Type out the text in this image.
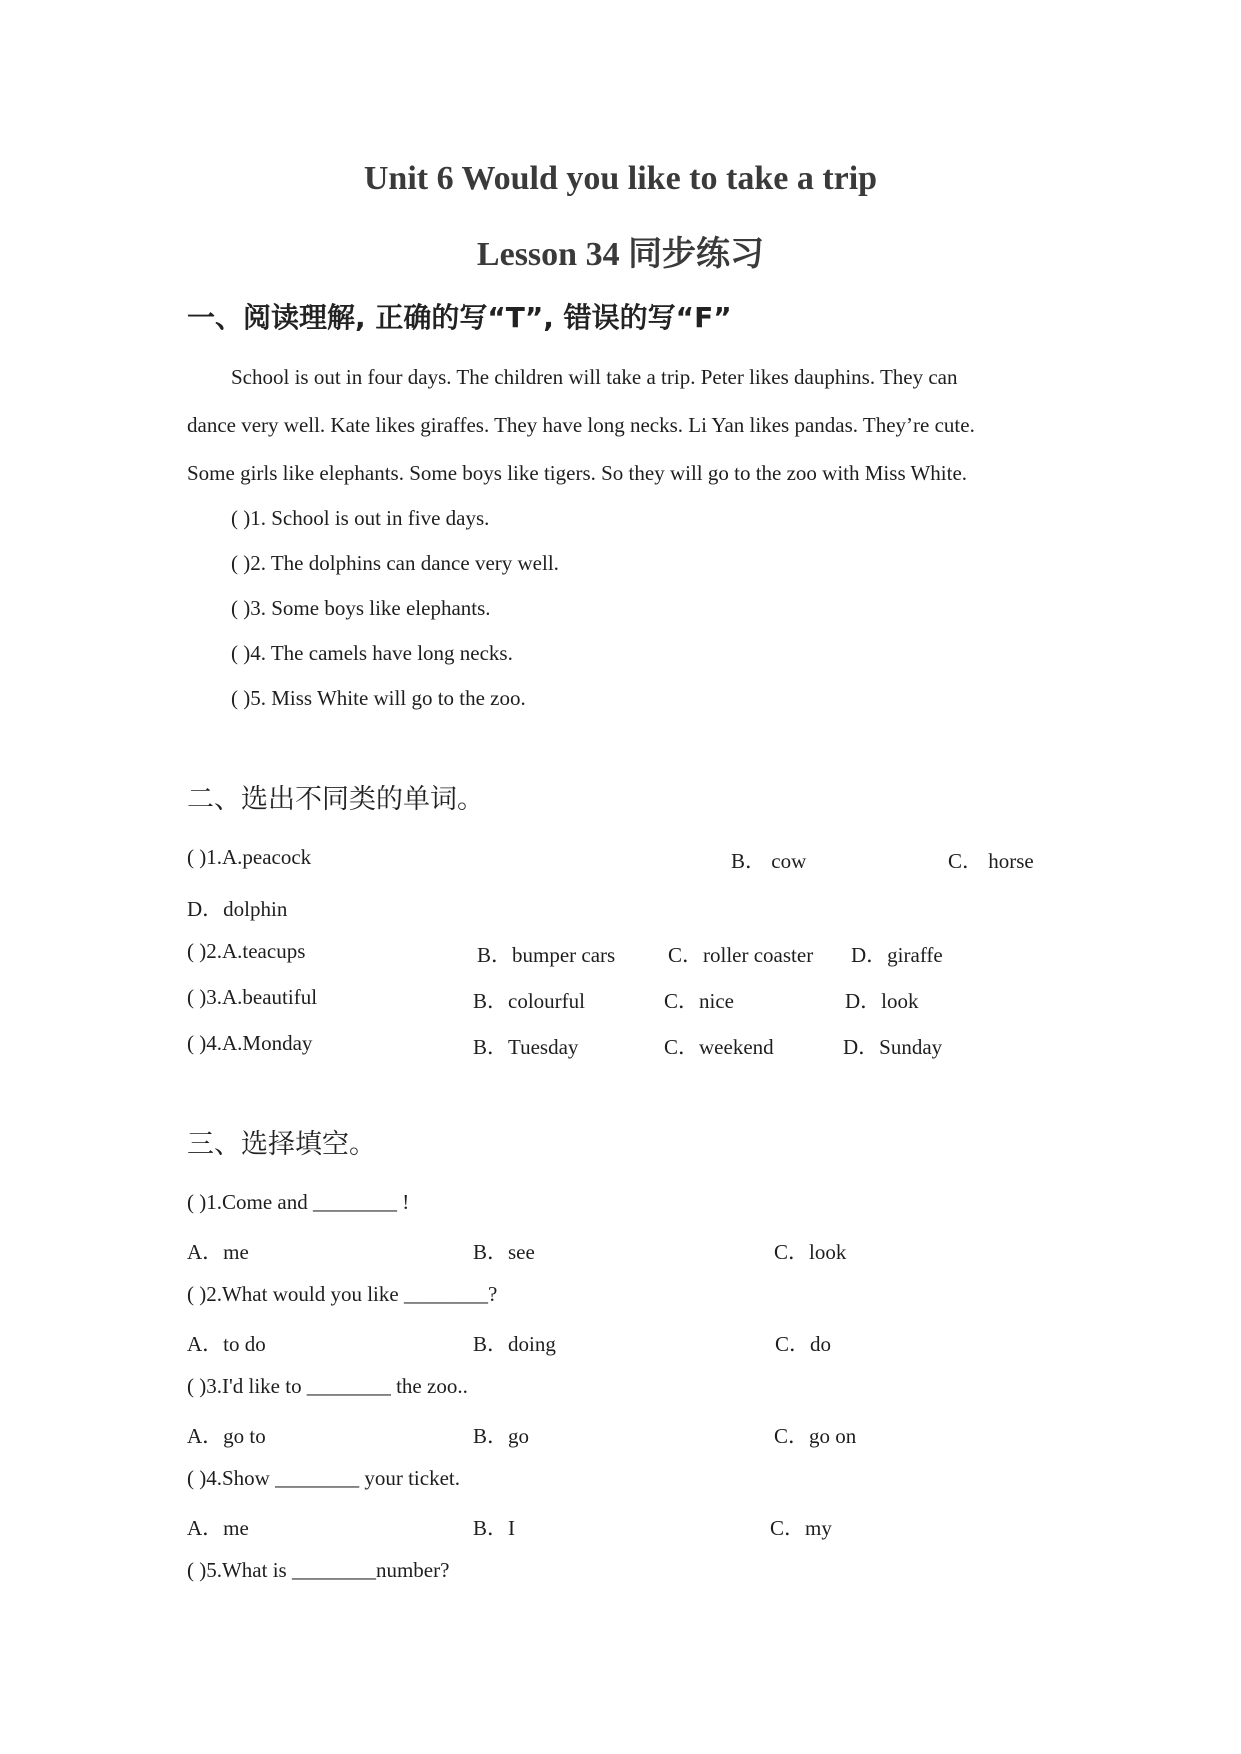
Unit 6 Would you like to take a trip
Lesson 34 同步练习
一、阅读理解, 正确的写“T”, 错误的写“F”
School is out in four days. The children will take a trip. Peter likes dauphins. They can
dance very well. Kate likes giraffes. They have long necks. Li Yan likes pandas. They’re cute.
Some girls like elephants. Some boys like tigers. So they will go to the zoo with Miss White.
( )1. School is out in five days.
( )2. The dolphins can dance very well.
( )3. Some boys like elephants.
( )4. The camels have long necks.
( )5. Miss White will go to the zoo.
二、选出不同类的单词。
( )1.A.peacock	B． cow	C． horse
D．dolphin
( )2.A.teacups	B．bumper cars	C．roller coaster D．giraffe
( )3.A.beautiful	B．colourful	C．nice	D．look
( )4.A.Monday	B．Tuesday	C．weekend	D．Sunday
三、选择填空。
( )1.Come and ________ !
A．me	B．see	C．look
( )2.What would you like ________?
A．to do	B．doing	C．do
( )3.I'd like to ________ the zoo..
A．go to	B．go	C．go on
( )4.Show ________ your ticket.
A．me	B．I	C．my
( )5.What is ________number?
